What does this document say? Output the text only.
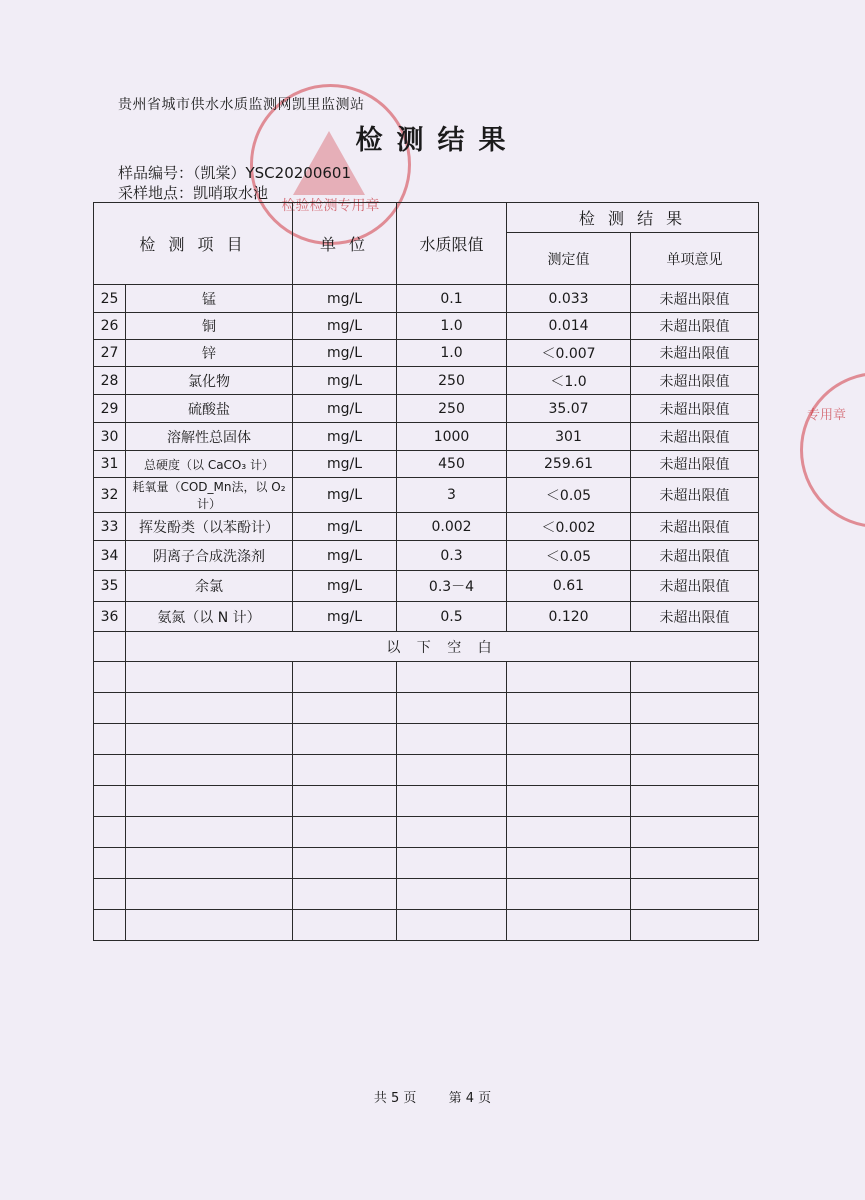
检验检测专用章
专用章
贵州省城市供水水质监测网凯里监测站
检测结果
样品编号：（凯棠）YSC20200601
采样地点：凯哨取水池
检 测 项 目		单 位	水质限值	检 测 结 果	
				测定值	单项意见
25	锰	mg/L	0.1	0.033	未超出限值
26	铜	mg/L	1.0	0.014	未超出限值
27	锌	mg/L	1.0	＜0.007	未超出限值
28	氯化物	mg/L	250	＜1.0	未超出限值
29	硫酸盐	mg/L	250	35.07	未超出限值
30	溶解性总固体	mg/L	1000	301	未超出限值
31	总硬度（以 CaCO₃ 计）	mg/L	450	259.61	未超出限值
32	耗氧量（COD_Mn法，以 O₂ 计）	mg/L	3	＜0.05	未超出限值
33	挥发酚类（以苯酚计）	mg/L	0.002	＜0.002	未超出限值
34	阴离子合成洗涤剂	mg/L	0.3	＜0.05	未超出限值
35	余氯	mg/L	0.3－4	0.61	未超出限值
36	氨氮（以 N 计）	mg/L	0.5	0.120	未超出限值
	以 下 空 白				

共 5 页 第 4 页
